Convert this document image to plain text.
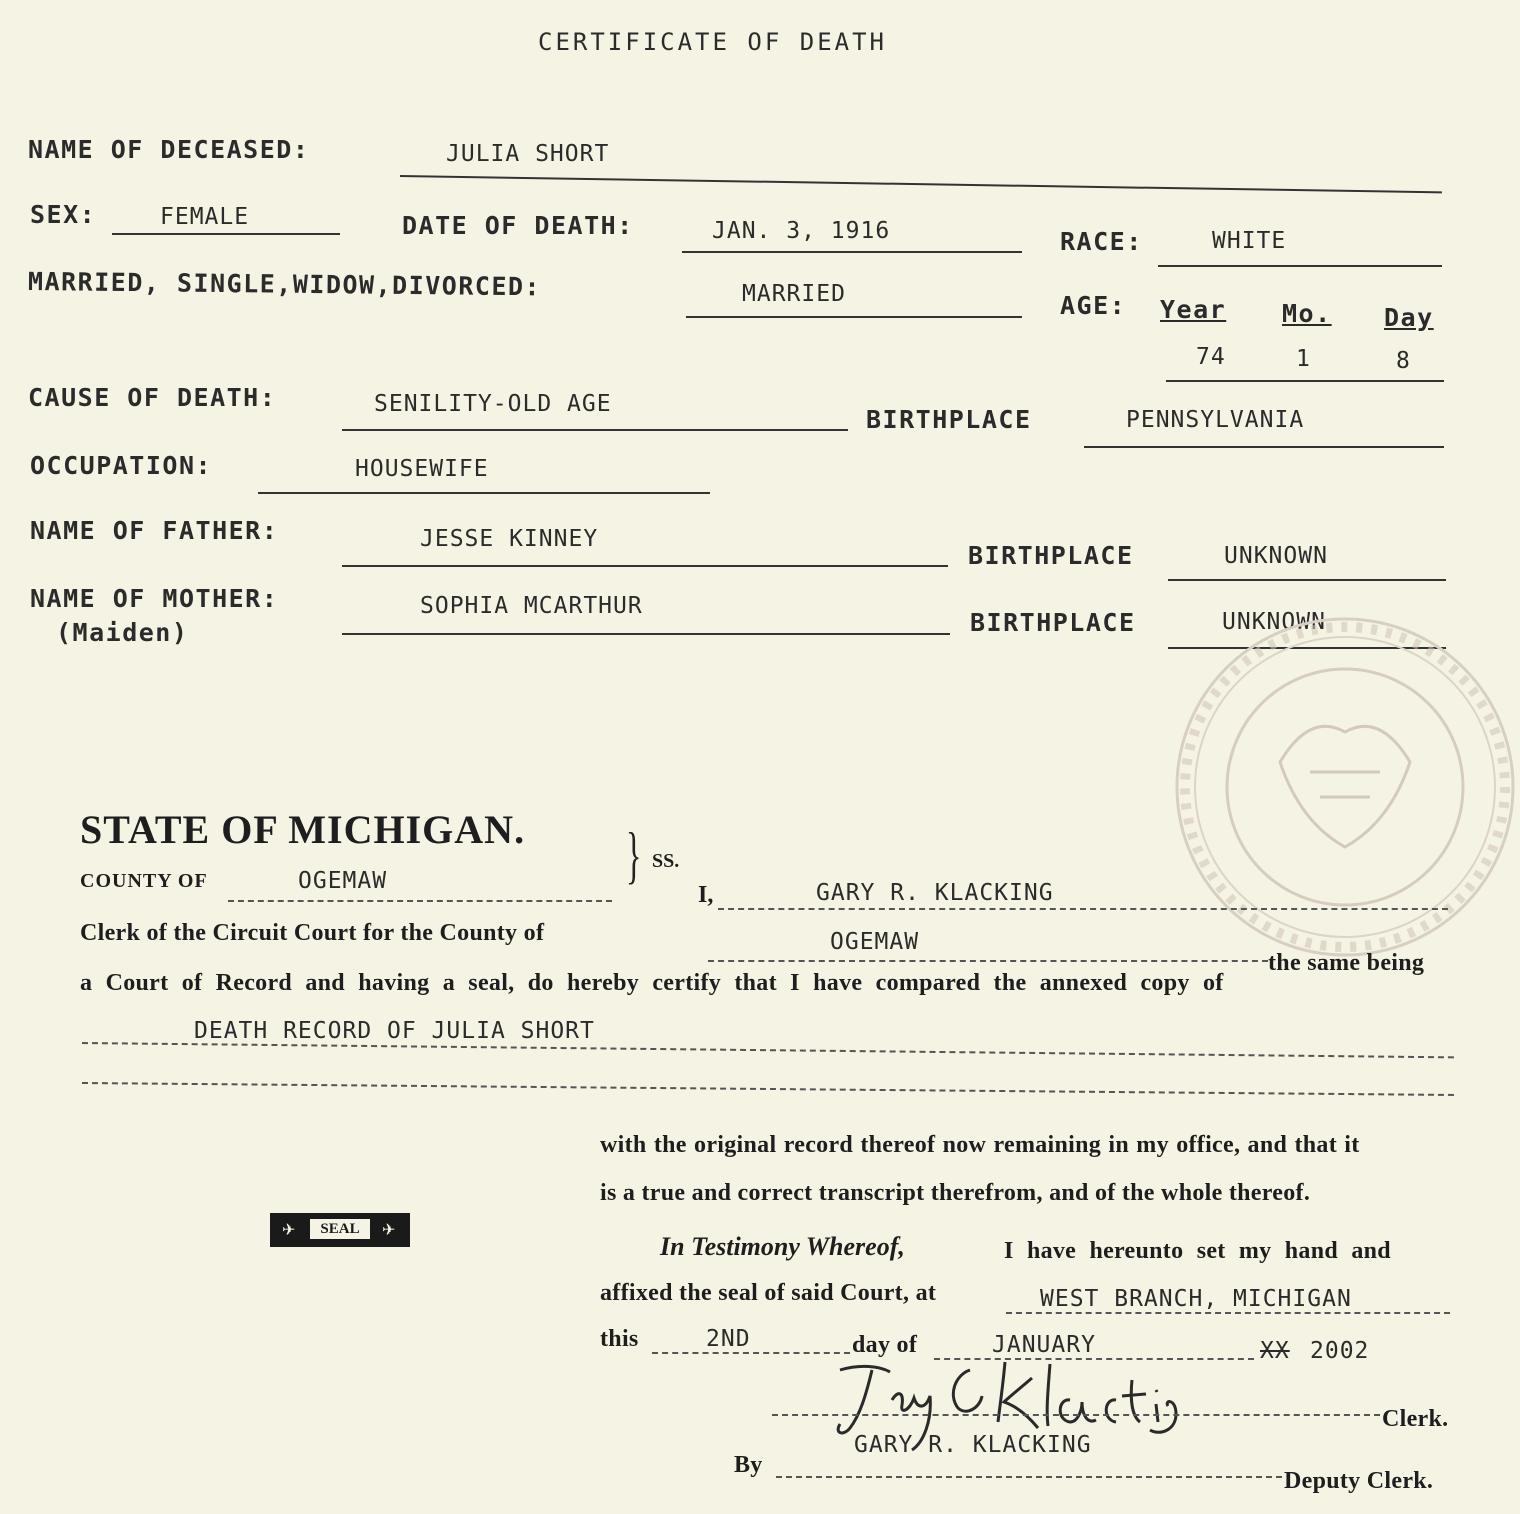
CERTIFICATE OF DEATH
NAME OF DECEASED:	JULIA SHORT
SEX:	FEMALE	DATE OF DEATH:	JAN. 3, 1916	RACE:	WHITE
MARRIED, SINGLE,WIDOW,DIVORCED:	MARRIED	AGE: Year Mo. Day
74	1	8
CAUSE OF DEATH:	SENILITY-OLD AGE
BIRTHPLACE	PENNSYLVANIA
OCCUPATION:	HOUSEWIFE
NAME OF FATHER:	JESSE KINNEY
BIRTHPLACE	UNKNOWN
NAME OF MOTHER:
(Maiden)
SOPHIA MCARTHUR
BIRTHPLACE	UNKNOWN
STATE OF MICHIGAN. } SS.
COUNTY OF	OGEMAW
I,	GARY R. KLACKING
Clerk of the Circuit Court for the County of	OGEMAW
the same being
a Court of Record and having a seal, do hereby certify that I have compared the annexed copy of
DEATH RECORD OF JULIA SHORT
with the original record thereof now remaining in my office, and that it
is a true and correct transcript therefrom, and of the whole thereof.
SEAL
✈	✈
In Testimony Whereof,	I have hereunto set my hand and
affixed the seal of said Court, at	WEST BRANCH, MICHIGAN
this	2ND	day of	JANUARY	XX 2002
Clerk.
GARY R. KLACKING
By
Deputy Clerk.
